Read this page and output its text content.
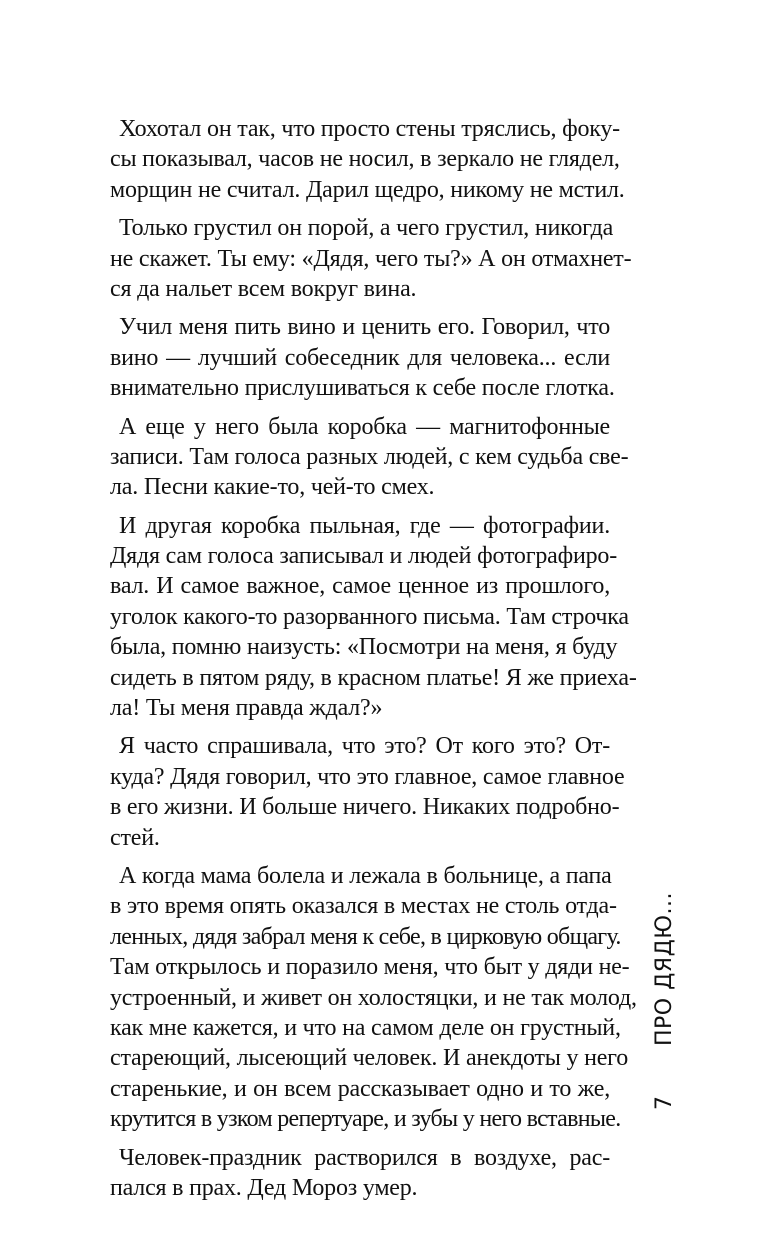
Хохотал он так, что просто стены тряслись, фоку-
сы показывал, часов не носил, в зеркало не глядел,
морщин не считал. Дарил щедро, никому не мстил.
Только грустил он порой, а чего грустил, никогда
не скажет. Ты ему: «Дядя, чего ты?» А он отмахнет-
ся да нальет всем вокруг вина.
Учил меня пить вино и ценить его. Говорил, что
вино — лучший собеседник для человека... если
внимательно прислушиваться к себе после глотка.
А еще у него была коробка — магнитофонные
записи. Там голоса разных людей, с кем судьба све-
ла. Песни какие-то, чей-то смех.
И другая коробка пыльная, где — фотографии.
Дядя сам голоса записывал и людей фотографиро-
вал. И самое важное, самое ценное из прошлого,
уголок какого-то разорванного письма. Там строчка
была, помню наизусть: «Посмотри на меня, я буду
сидеть в пятом ряду, в красном платье! Я же приеха-
ла! Ты меня правда ждал?»
Я часто спрашивала, что это? От кого это? От-
куда? Дядя говорил, что это главное, самое главное
в его жизни. И больше ничего. Никаких подробно-
стей.
А когда мама болела и лежала в больнице, а папа
в это время опять оказался в местах не столь отда-
ленных, дядя забрал меня к себе, в цирковую общагу.
Там открылось и поразило меня, что быт у дяди не-
устроенный, и живет он холостяцки, и не так молод,
как мне кажется, и что на самом деле он грустный,
стареющий, лысеющий человек. И анекдоты у него
старенькие, и он всем рассказывает одно и то же,
крутится в узком репертуаре, и зубы у него вставные.
Человек-праздник растворился в воздухе, рас-
пался в прах. Дед Мороз умер.
ПРО ДЯДЮ...
7
